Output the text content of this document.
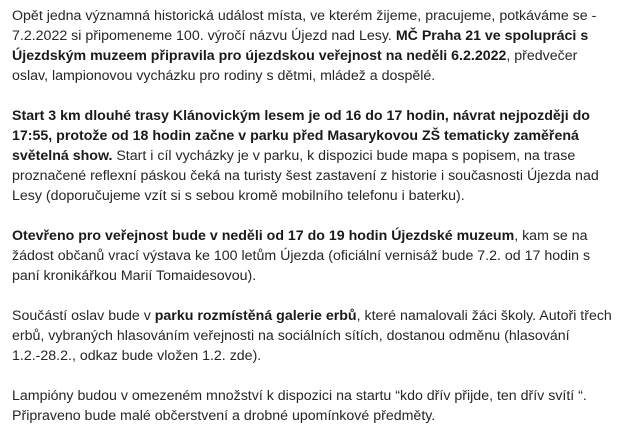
Opět jedna významná historická událost místa, ve kterém žijeme, pracujeme, potkáváme se - 7.2.2022 si připomeneme 100. výročí názvu Újezd nad Lesy. MČ Praha 21 ve spolupráci s Újezdským muzeem připravila pro újezdskou veřejnost na neděli 6.2.2022, předvečer oslav, lampionovou vycházku pro rodiny s dětmi, mládež a dospělé.

Start 3 km dlouhé trasy Klánovickým lesem je od 16 do 17 hodin, návrat nejpozději do 17:55, protože od 18 hodin začne v parku před Masarykovou ZŠ tematicky zaměřená světelná show. Start i cíl vycházky je v parku, k dispozici bude mapa s popisem, na trase proznačené reflexní páskou čeká na turisty šest zastavení z historie i současnosti Újezda nad Lesy (doporučujeme vzít si s sebou kromě mobilního telefonu i baterku).

Otevřeno pro veřejnost bude v neděli od 17 do 19 hodin Újezdské muzeum, kam se na žádost občanů vrací výstava ke 100 letům Újezda (oficiální vernisáž bude 7.2. od 17 hodin s paní kronikářkou Marií Tomaidesovou).

Součástí oslav bude v parku rozmístěná galerie erbů, které namalovali žáci školy. Autoři třech erbů, vybraných hlasováním veřejnosti na sociálních sítích, dostanou odměnu (hlasování 1.2.-28.2., odkaz bude vložen 1.2. zde).

Lampióny budou v omezeném množství k dispozici na startu “kdo dřív přijde, ten dřív svítí “. Připraveno bude malé občerstvení a drobné upomínkové předměty.
